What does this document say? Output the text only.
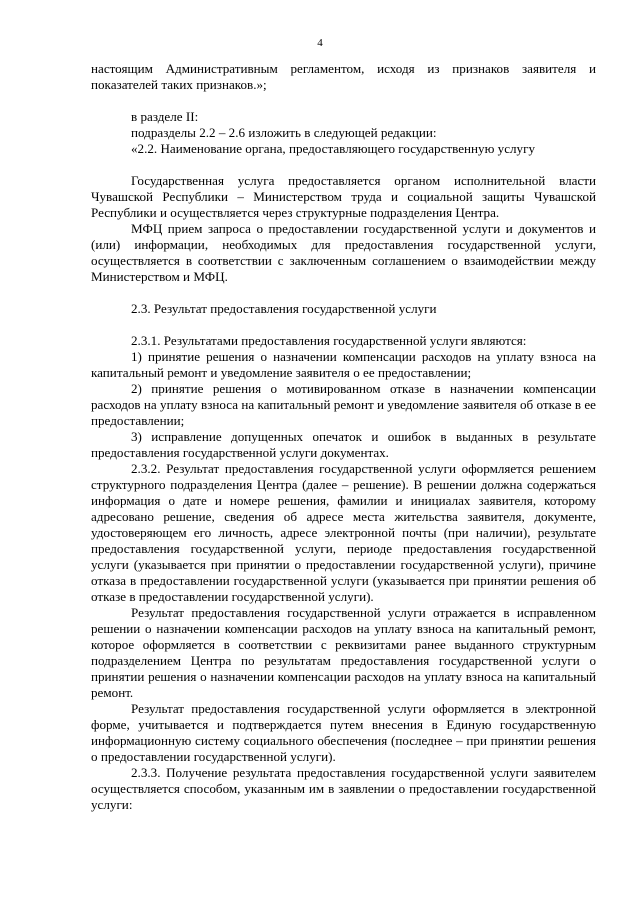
4

настоящим Административным регламентом, исходя из признаков заявителя и показателей таких признаков.»;

в разделе II:

подразделы 2.2 – 2.6 изложить в следующей редакции:

«2.2. Наименование органа, предоставляющего государственную услугу

Государственная услуга предоставляется органом исполнительной власти Чувашской Республики – Министерством труда и социальной защиты Чувашской Республики и осуществляется через структурные подразделения Центра.

МФЦ прием запроса о предоставлении государственной услуги и документов и (или) информации, необходимых для предоставления государственной услуги, осуществляется в соответствии с заключенным соглашением о взаимодействии между Министерством и МФЦ.

2.3. Результат предоставления государственной услуги

2.3.1. Результатами предоставления государственной услуги являются:

1) принятие решения о назначении компенсации расходов на уплату взноса на капитальный ремонт и уведомление заявителя о ее предоставлении;

2) принятие решения о мотивированном отказе в назначении компенсации расходов на уплату взноса на капитальный ремонт и уведомление заявителя об отказе в ее предоставлении;

3) исправление допущенных опечаток и ошибок в выданных в результате предоставления государственной услуги документах.

2.3.2. Результат предоставления государственной услуги оформляется решением структурного подразделения Центра (далее – решение). В решении должна содержаться информация о дате и номере решения, фамилии и инициалах заявителя, которому адресовано решение, сведения об адресе места жительства заявителя, документе, удостоверяющем его личность, адресе электронной почты (при наличии), результате предоставления государственной услуги, периоде предоставления государственной услуги (указывается при принятии о предоставлении государственной услуги), причине отказа в предоставлении государственной услуги (указывается при принятии решения об отказе в предоставлении государственной услуги).

Результат предоставления государственной услуги отражается в исправленном решении о назначении компенсации расходов на уплату взноса на капитальный ремонт, которое оформляется в соответствии с реквизитами ранее выданного структурным подразделением Центра по результатам предоставления государственной услуги о принятии решения о назначении компенсации расходов на уплату взноса на капитальный ремонт.

Результат предоставления государственной услуги оформляется в электронной форме, учитывается и подтверждается путем внесения в Единую государственную информационную систему социального обеспечения (последнее – при принятии решения о предоставлении государственной услуги).

2.3.3. Получение результата предоставления государственной услуги заявителем осуществляется способом, указанным им в заявлении о предоставлении государственной услуги:
